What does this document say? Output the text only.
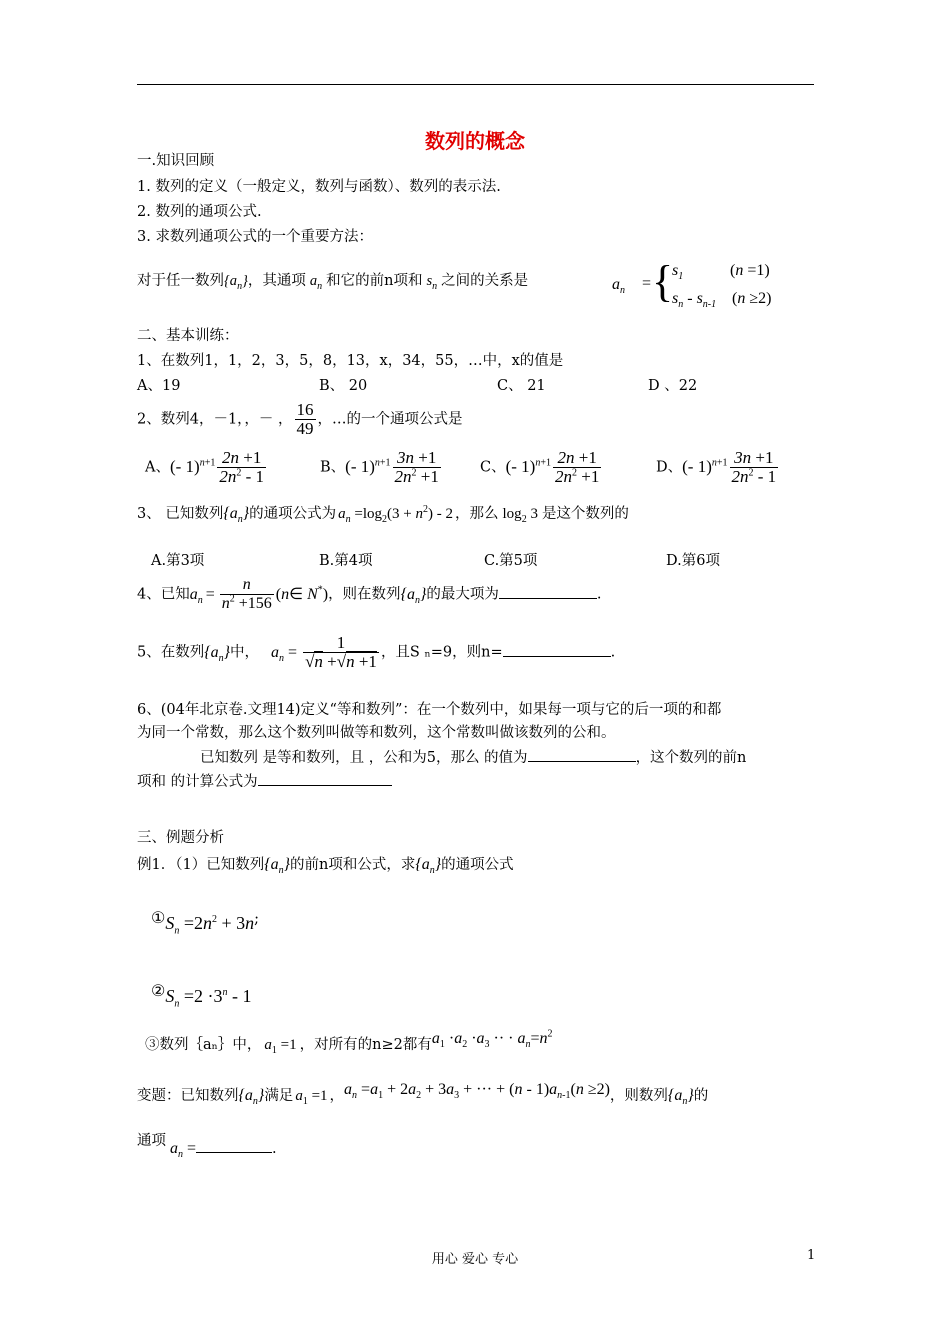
数列的概念
一.知识回顾
1. 数列的定义（一般定义，数列与函数）、数列的表示法.
2. 数列的通项公式.
3. 求数列通项公式的一个重要方法：
对于任一数列$\{a_n\}$，其通项 $a_n$ 和它的前n项和 $s_n$ 之间的关系是	$a_n$ = {
$s_1$	(n =1)
$s_n - s_{n-1}$ (n ≥2)
二、基本训练：
1、在数列1，1，2，3，5，8，13，x，34，55，…中，x的值是
A、19	B、 20	C、 21	D 、22
2、数列4，－1，，－ ， $\frac{16}{49}$ ，…的一个通项公式是
A、(- $1)^{n+1} \frac{2n +1}{2n^2 - 1}$	B、(- $1)^{n+1} \frac{3n +1}{2n^2 +1}$	C、(- $1)^{n+1} \frac{2n +1}{2n^2 +1}$	D、(- $1)^{n+1} \frac{3n +1}{2n^2 - 1}$
3、 已知数列$\{a_n\}$的通项公式为 $a_n =\log_2(3 + n^2) - 2$ ，那么 $\log_2 3$ 是这个数列的
A.第3项	B.第4项	C.第5项	D.第6项
4、已知$a_n = \frac{n}{n^2 +156}$ (n∈ N*)，则在数列$\{a_n\}$的最大项为	.
5、在数列$\{a_n\}$中， $a_n = \frac{1}{√n +√n +1}$ ，且S ₙ=9，则n=	.
6、(04年北京卷.文理14)定义“等和数列”：在一个数列中，如果每一项与它的后一项的和都
为同一个常数，那么这个数列叫做等和数列，这个常数叫做该数列的公和。
已知数列 是等和数列，且 ，公和为5，那么 的值为	，这个数列的前n
项和 的计算公式为
三、例题分析
例1．（1）已知数列$\{a_n\}$的前n项和公式，求$\{a_n\}$的通项公式
$①S_n =2n^2 + 3n$;
$②S_n =2 \cdot 3^n - 1$
③数列｛aₙ｝中， $a_1 =1$ ，对所有的n≥2都有$a_1 \cdot a_2 \cdot a_3$ ·· · $a_n=n^2$
变题：已知数列$\{a_n\}$满足 $a_1 =1$ ，$a_n =a_1 + 2a_2 + 3a_3$ + ··· + $(n - 1)a_{n-1}(n \ge 2)$，则数列$\{a_n\}$的
通项 $a_n$ =	.
用心 爱心 专心	1
